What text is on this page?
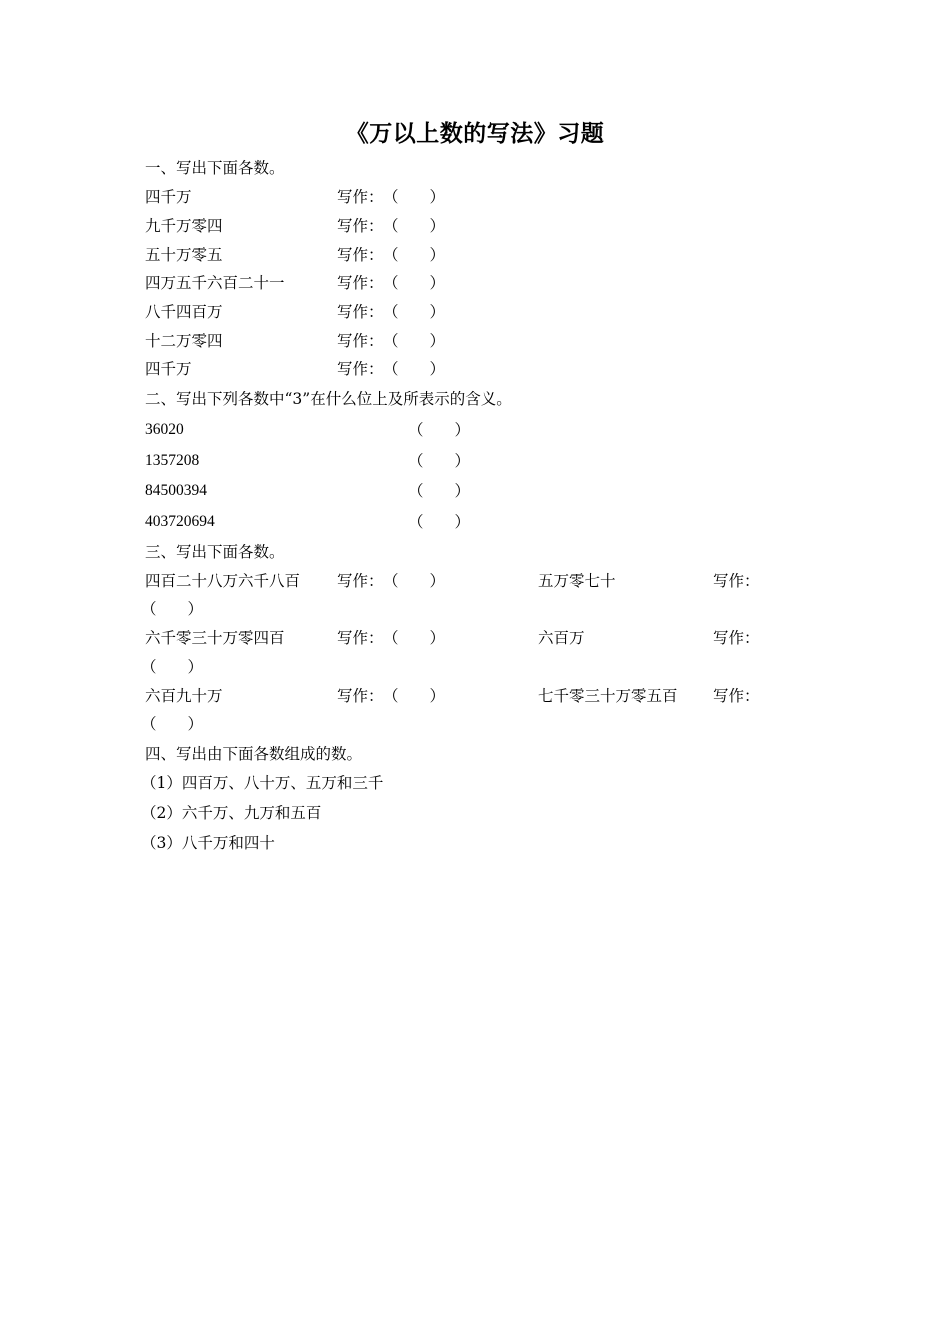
《万以上数的写法》习题
一、写出下面各数。
四千万	写作： （　　）
九千万零四	写作： （　　）
五十万零五	写作： （　　）
四万五千六百二十一	写作： （　　）
八千四百万	写作： （　　）
十二万零四	写作： （　　）
四千万	写作： （　　）
二、写出下列各数中“3”在什么位上及所表示的含义。
36020	（　　）
1357208	（　　）
84500394	（　　）
403720694	（　　）
三、写出下面各数。
四百二十八万六千八百 写作： （　　）	五万零七十	写作：
（　　）
六千零三十万零四百	写作： （　　）	六百万	写作：
（　　）
六百九十万	写作： （　　）	七千零三十万零五百 写作：
（　　）
四、写出由下面各数组成的数。
（1）四百万、八十万、五万和三千
（2）六千万、九万和五百
（3）八千万和四十
